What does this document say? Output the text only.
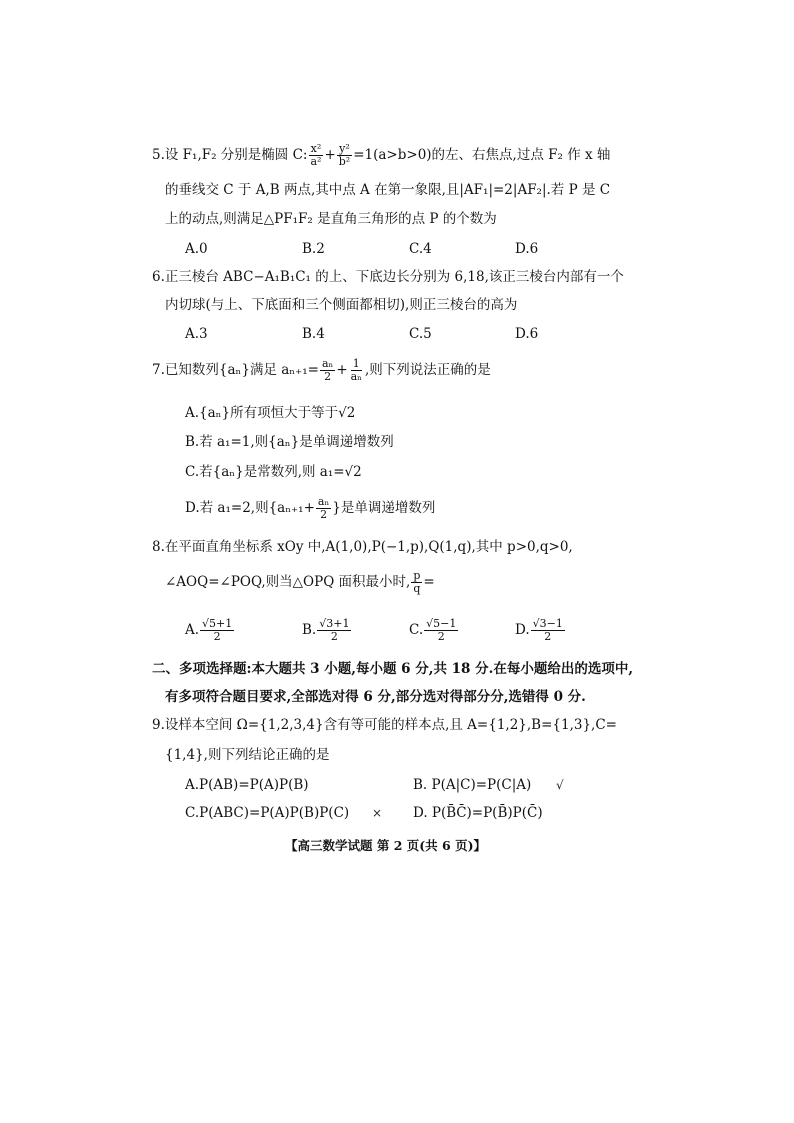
5.设 F₁,F₂ 分别是椭圆 C: $\frac{\text{x²}}{\text{a²}} + \frac{\text{y²}}{\text{b²}} =1(a>b>0)$的左、右焦点,过点 F₂ 作 x 轴
的垂线交 C 于 A,B 两点,其中点 A 在第一象限,且|AF₁|=2|AF₂|.若 P 是 C
上的动点,则满足△PF₁F₂ 是直角三角形的点 P 的个数为
A.0	B.2	C.4	D.6
6.正三棱台 ABC−A₁B₁C₁ 的上、下底边长分别为 6,18,该正三棱台内部有一个
内切球(与上、下底面和三个侧面都相切),则正三棱台的高为
A.3	B.4	C.5	D.6
7.已知数列{aₙ}满足 $a_{n+1}= \frac{\text{aₙ}}{2} + \frac{1}{\text{aₙ}}$ ,则下列说法正确的是
A.{aₙ}所有项恒大于等于√2
B.若 a₁=1,则{aₙ}是单调递增数列
C.若{aₙ}是常数列,则 a₁=√2
D.若 a₁=2,则{$a_{n+1}+ \frac{\text{aₙ}}{2}$ }是单调递增数列
8.在平面直角坐标系 xOy 中,A(1,0),P(−1,p),Q(1,q),其中 p>0,q>0,
∠AOQ=∠POQ,则当△OPQ 面积最小时, $\frac{p}{q}$ =
A. $\frac{√5+1}{2}$	B. $\frac{√3+1}{2}$	C. $\frac{√5-1}{2}$	D. $\frac{√3-1}{2}$
二、多项选择题:本大题共 3 小题,每小题 6 分,共 18 分.在每小题给出的选项中,
有多项符合题目要求,全部选对得 6 分,部分选对得部分分,选错得 0 分.
9.设样本空间 Ω={1,2,3,4}含有等可能的样本点,且 A={1,2},B={1,3},C=
{1,4},则下列结论正确的是
A.P(AB)=P(A)P(B)	B. P(A|C)=P(C|A) √
C.P(ABC)=P(A)P(B)P(C) × D. P(B̄C̄)=P(B̄)P(C̄)
【高三数学试题 第 2 页(共 6 页)】
